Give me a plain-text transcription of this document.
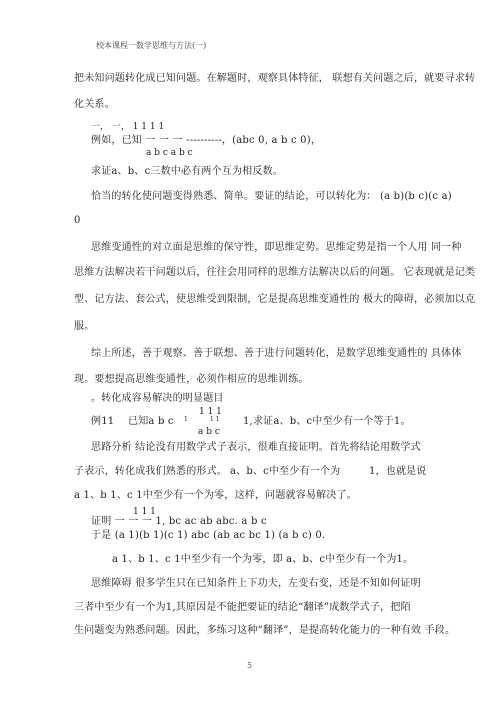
校本课程一数学思维与方法(一)
把未知问题转化成已知问题。在解题时，观察具体特征， 联想有关问题之后，就要寻求转
化关系。
一， 一， 1 1 1 1
例如，已知 一 一 一 ----------，(abc 0, a b c 0)，
a b c a b c
求证a、b、c三数中必有两个互为相反数。
恰当的转化使问题变得熟悉、简单。要证的结论，可以转化为： (a b)(b c)(c a)
0
思维变通性的对立面是思维的保守性，即思维定势。思维定势是指一个人用 同一种
思维方法解决若干问题以后，往往会用同样的思维方法解决以后的问题。 它表现就是记类
型、记方法、套公式，使思维受到限制，它是提高思维变通性的 极大的障碍，必须加以克
服。
综上所述，善于观察、善于联想、善于进行问题转化，是数学思维变通性的 具体体
现。要想提高思维变通性，必须作相应的思维训练。
。转化成容易解决的明显题目
1 1 1
例11 已知a b c 1	1 1 1,求证a、b、c中至少有一个等于1。
a b c
思路分析 结论没有用数学式子表示，很难直接证明。首先将结论用数学式
子表示，转化成我们熟悉的形式。 a、b、c中至少有一个为	1，也就是说
a 1、b 1、c 1中至少有一个为零，这样，问题就容易解决了。
1 1 1
证明 一 一 一 1, bc ac ab abc. a b c
于是 (a 1)(b 1)(c 1) abc (ab ac bc 1) (a b c) 0.
a 1、b 1、c 1中至少有一个为零，即 a、b、c中至少有一个为1。
思维障碍 很多学生只在已知条件上下功夫，左变右变，还是不知如何证明
三者中至少有一个为1,其原因是不能把要证的结论“翻译”成数学式子，把陌
生问题变为熟悉问题。因此，多练习这种“翻译”，是提高转化能力的一种有效 手段。
5
